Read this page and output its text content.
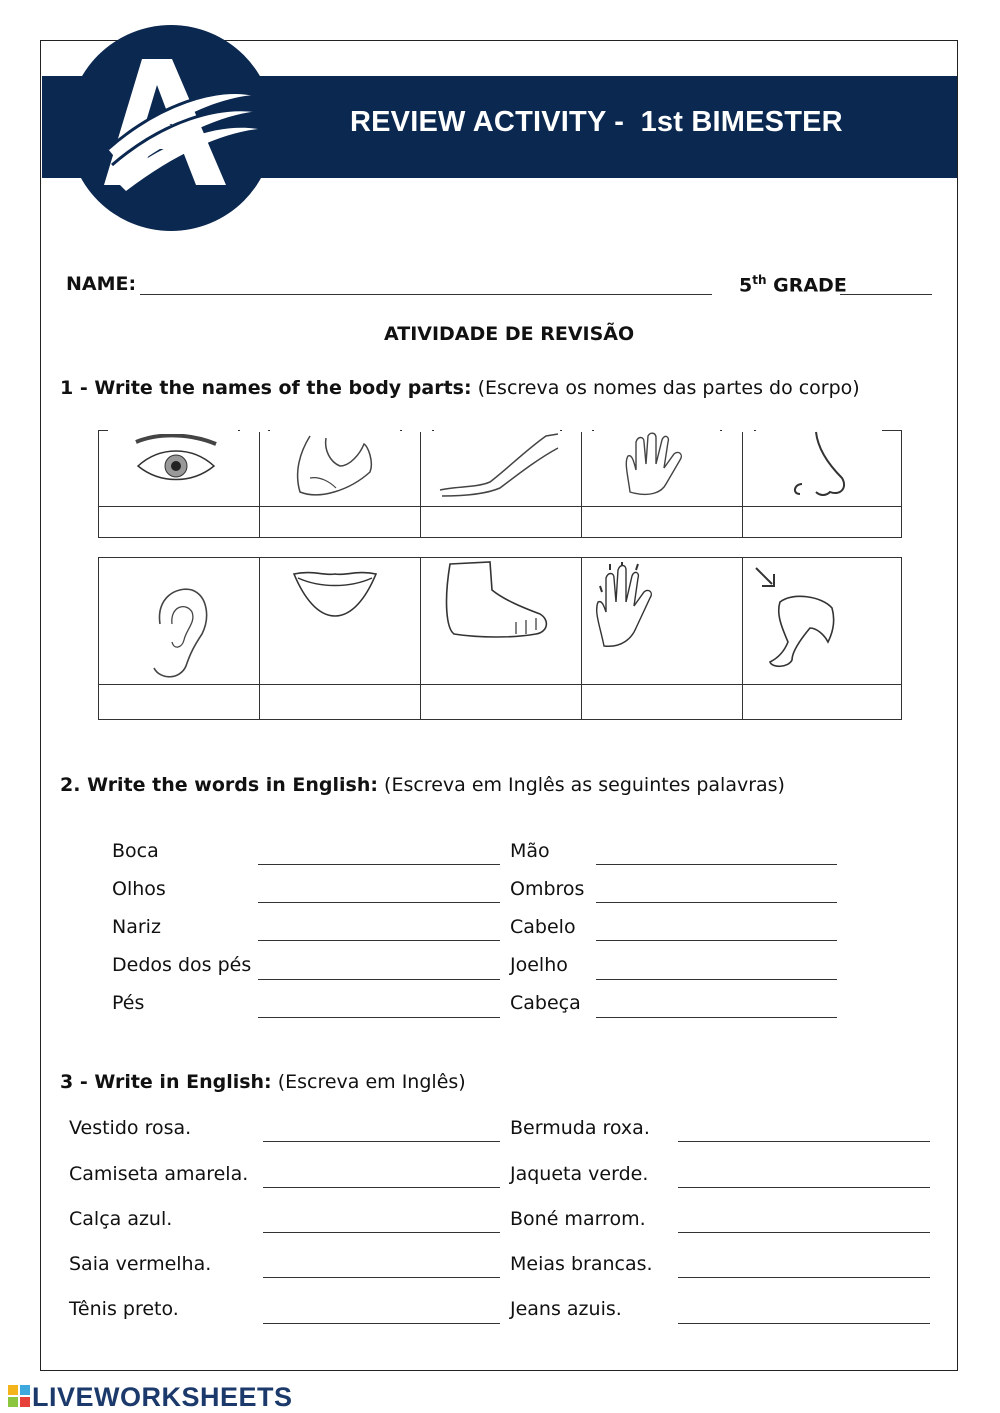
REVIEW ACTIVITY -  1st BIMESTER
NAME:	5th GRADE
ATIVIDADE DE REVISÃO
1 - Write the names of the body parts: (Escreva os nomes das partes do corpo)
2. Write the words in English: (Escreva em Inglês as seguintes palavras)
Boca
Olhos
Nariz
Dedos dos pés
Pés
Mão
Ombros
Cabelo
Joelho
Cabeça
3 - Write in English: (Escreva em Inglês)
Vestido rosa.
Camiseta amarela.
Calça azul.
Saia vermelha.
Tênis preto.
Bermuda roxa.
Jaqueta verde.
Boné marrom.
Meias brancas.
Jeans azuis.
LIVEWORKSHEETS
